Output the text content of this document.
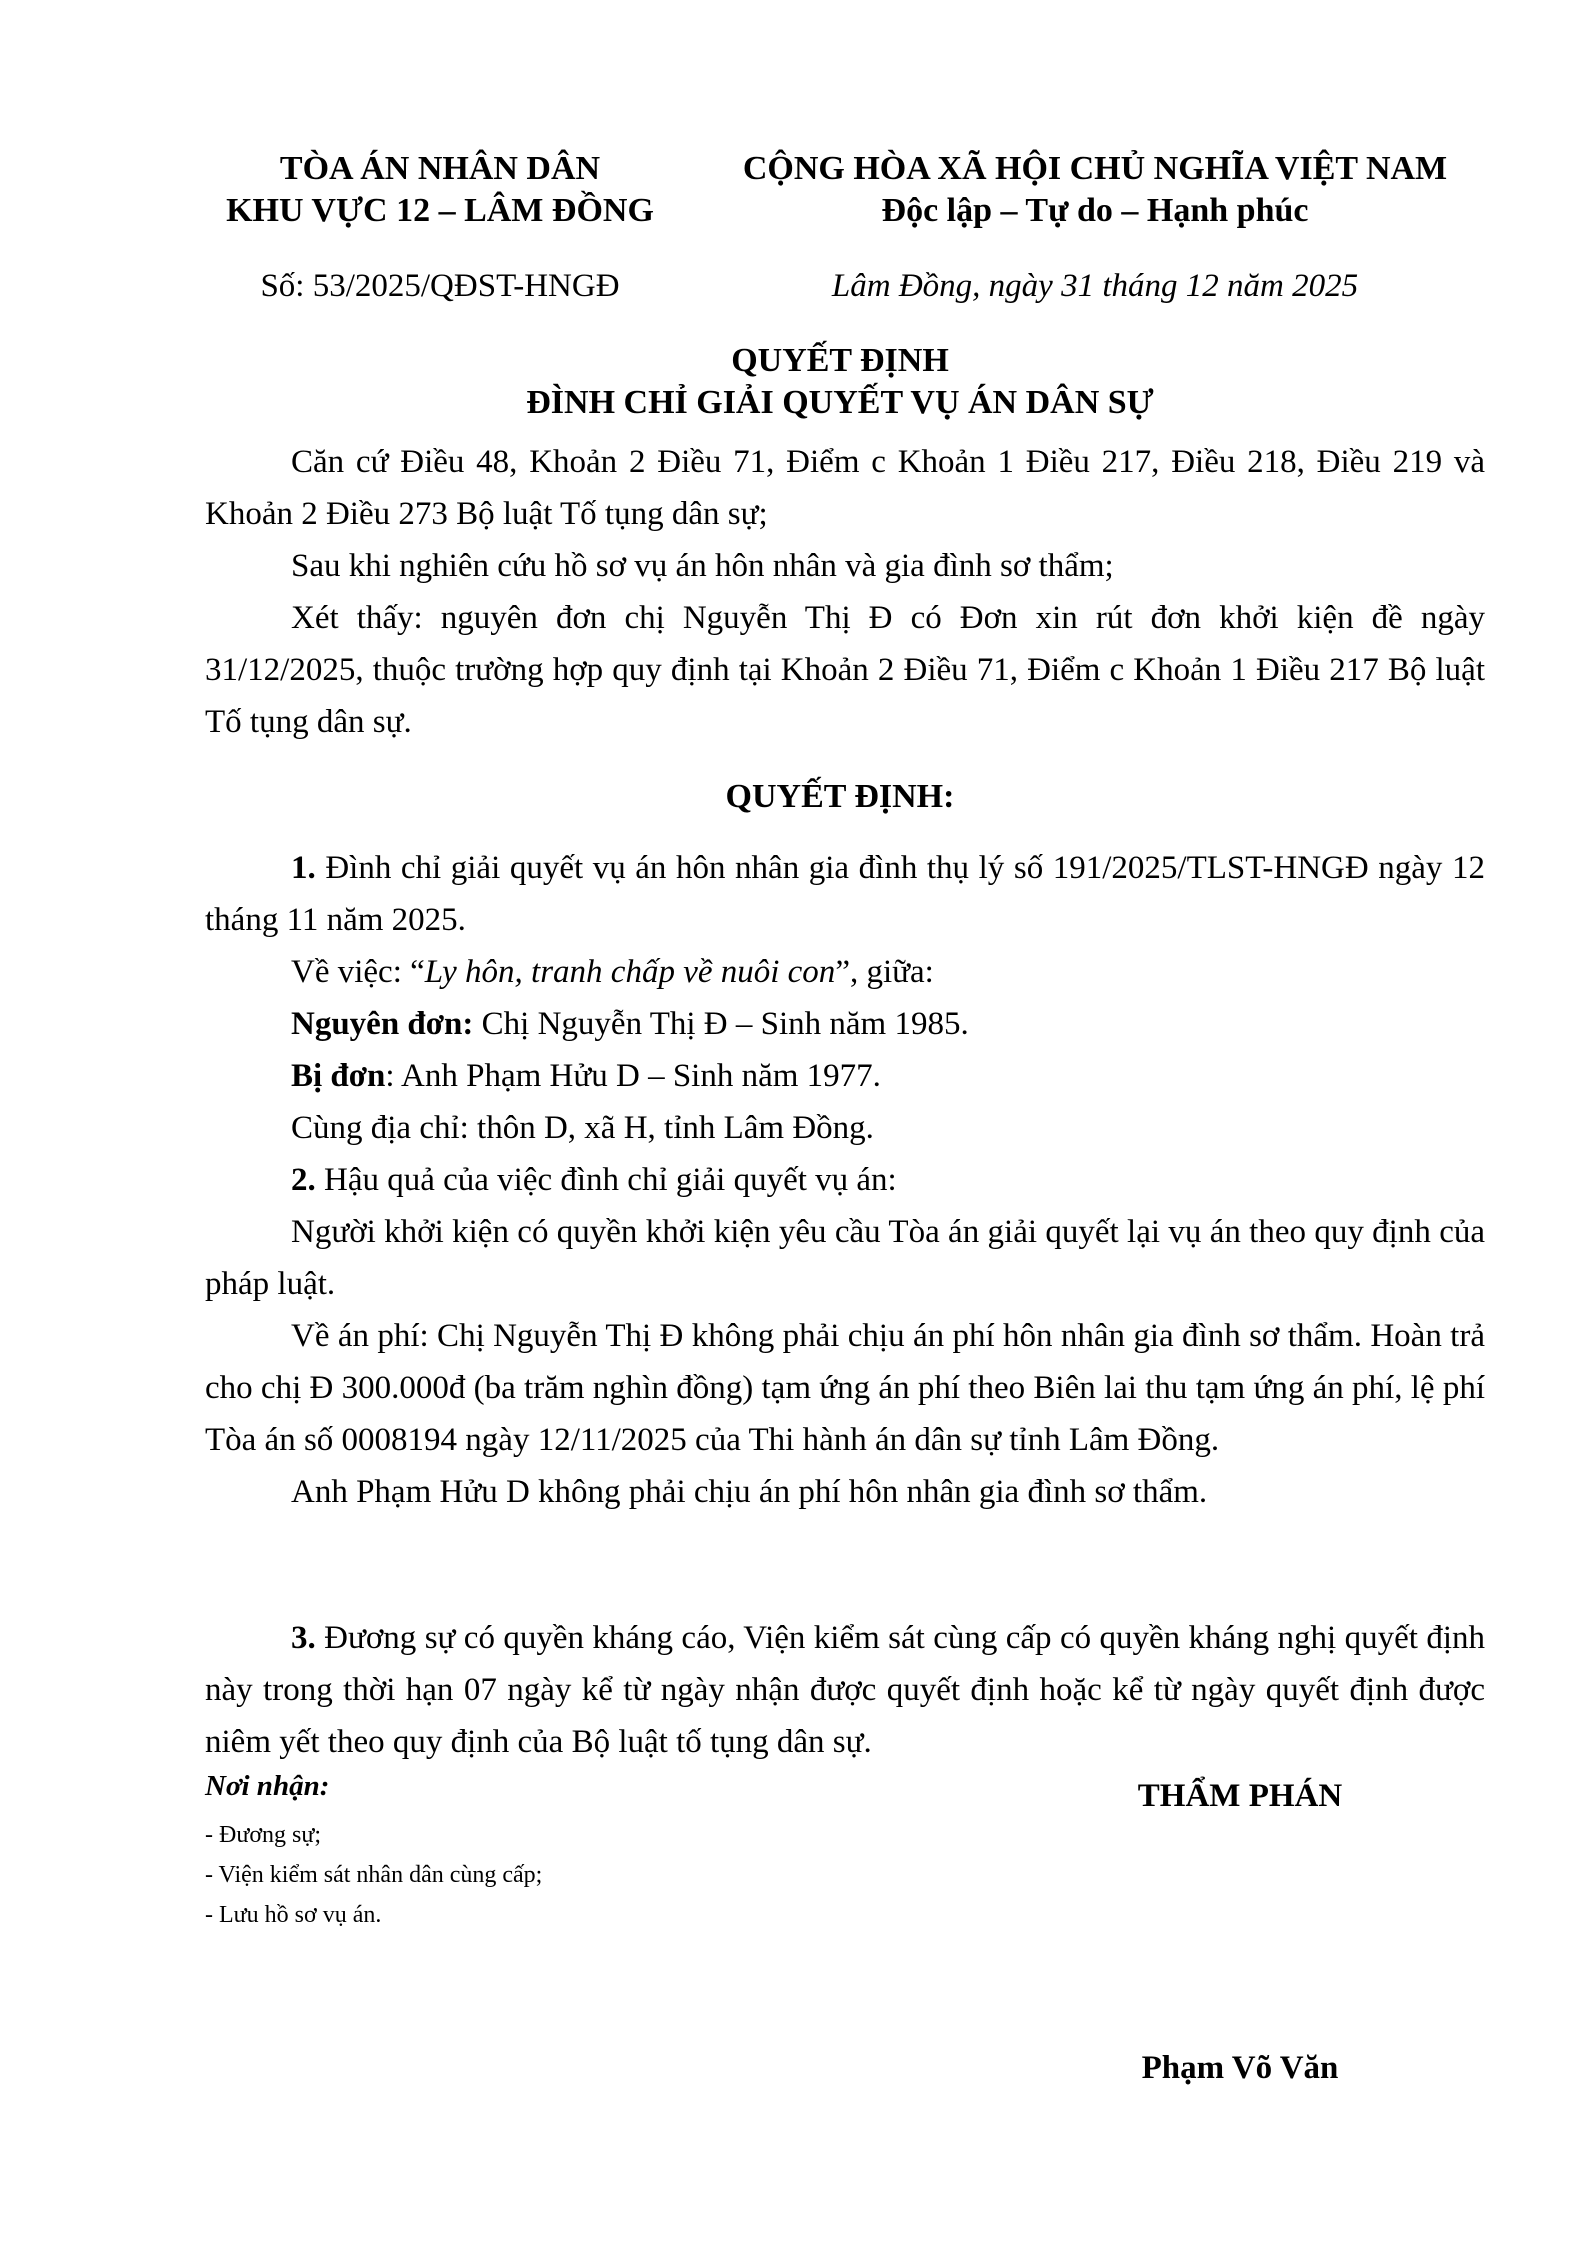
TÒA ÁN NHÂN DÂN
KHU VỰC 12 – LÂM ĐỒNG
CỘNG HÒA XÃ HỘI CHỦ NGHĨA VIỆT NAM
Độc lập – Tự do – Hạnh phúc
Số: 53/2025/QĐST-HNGĐ	Lâm Đồng, ngày 31 tháng 12 năm 2025
QUYẾT ĐỊNH
ĐÌNH CHỈ GIẢI QUYẾT VỤ ÁN DÂN SỰ

Căn cứ Điều 48, Khoản 2 Điều 71, Điểm c Khoản 1 Điều 217, Điều 218, Điều 219 và Khoản 2 Điều 273 Bộ luật Tố tụng dân sự;

Sau khi nghiên cứu hồ sơ vụ án hôn nhân và gia đình sơ thẩm;

Xét thấy: nguyên đơn chị Nguyễn Thị Đ có Đơn xin rút đơn khởi kiện đề ngày 31/12/2025, thuộc trường hợp quy định tại Khoản 2 Điều 71, Điểm c Khoản 1 Điều 217 Bộ luật Tố tụng dân sự.

QUYẾT ĐỊNH:

1. Đình chỉ giải quyết vụ án hôn nhân gia đình thụ lý số 191/2025/TLST-HNGĐ ngày 12 tháng 11 năm 2025.

Về việc: “Ly hôn, tranh chấp về nuôi con”, giữa:

Nguyên đơn: Chị Nguyễn Thị Đ – Sinh năm 1985.

Bị đơn: Anh Phạm Hửu D – Sinh năm 1977.

Cùng địa chỉ: thôn D, xã H, tỉnh Lâm Đồng.

2. Hậu quả của việc đình chỉ giải quyết vụ án:

Người khởi kiện có quyền khởi kiện yêu cầu Tòa án giải quyết lại vụ án theo quy định của pháp luật.

Về án phí: Chị Nguyễn Thị Đ không phải chịu án phí hôn nhân gia đình sơ thẩm. Hoàn trả cho chị Đ 300.000đ (ba trăm nghìn đồng) tạm ứng án phí theo Biên lai thu tạm ứng án phí, lệ phí Tòa án số 0008194 ngày 12/11/2025 của Thi hành án dân sự tỉnh Lâm Đồng.

Anh Phạm Hửu D không phải chịu án phí hôn nhân gia đình sơ thẩm.

3. Đương sự có quyền kháng cáo, Viện kiểm sát cùng cấp có quyền kháng nghị quyết định này trong thời hạn 07 ngày kể từ ngày nhận được quyết định hoặc kể từ ngày quyết định được niêm yết theo quy định của Bộ luật tố tụng dân sự.

Nơi nhận:
- Đương sự;
- Viện kiểm sát nhân dân cùng cấp;
- Lưu hồ sơ vụ án.
THẨM PHÁN
Phạm Võ Văn
